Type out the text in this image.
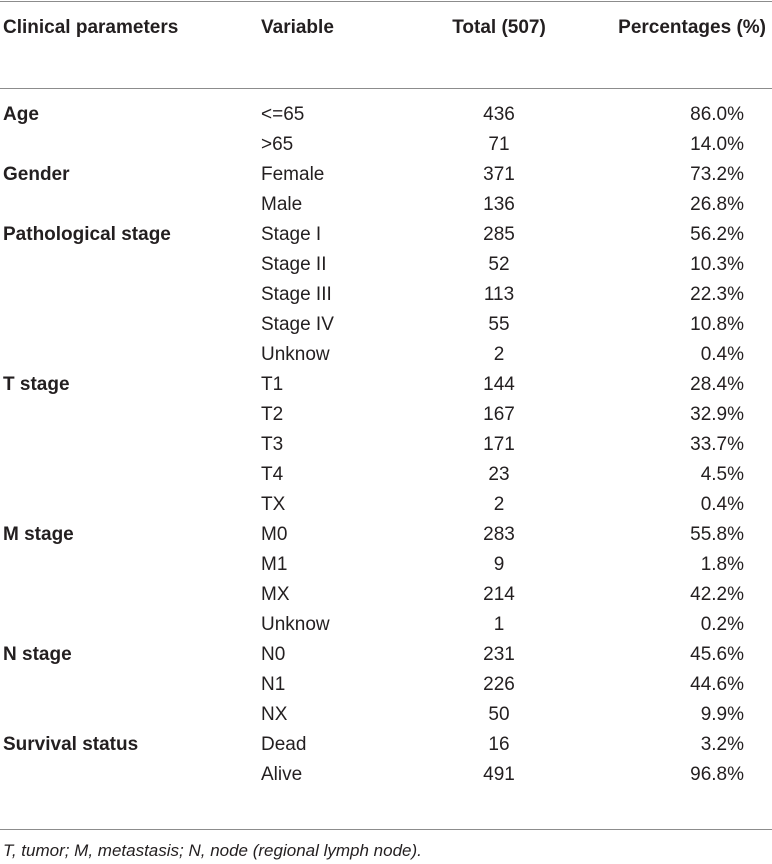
Clinical parameters	Variable	Total (507)	Percentages (%)
Age	<=65	436	86.0%
	>65	71	14.0%
Gender	Female	371	73.2%
	Male	136	26.8%
Pathological stage	Stage I	285	56.2%
	Stage II	52	10.3%
	Stage III	113	22.3%
	Stage IV	55	10.8%
	Unknow	2	0.4%
T stage	T1	144	28.4%
	T2	167	32.9%
	T3	171	33.7%
	T4	23	4.5%
	TX	2	0.4%
M stage	M0	283	55.8%
	M1	9	1.8%
	MX	214	42.2%
	Unknow	1	0.2%
N stage	N0	231	45.6%
	N1	226	44.6%
	NX	50	9.9%
Survival status	Dead	16	3.2%
	Alive	491	96.8%
T, tumor; M, metastasis; N, node (regional lymph node).
